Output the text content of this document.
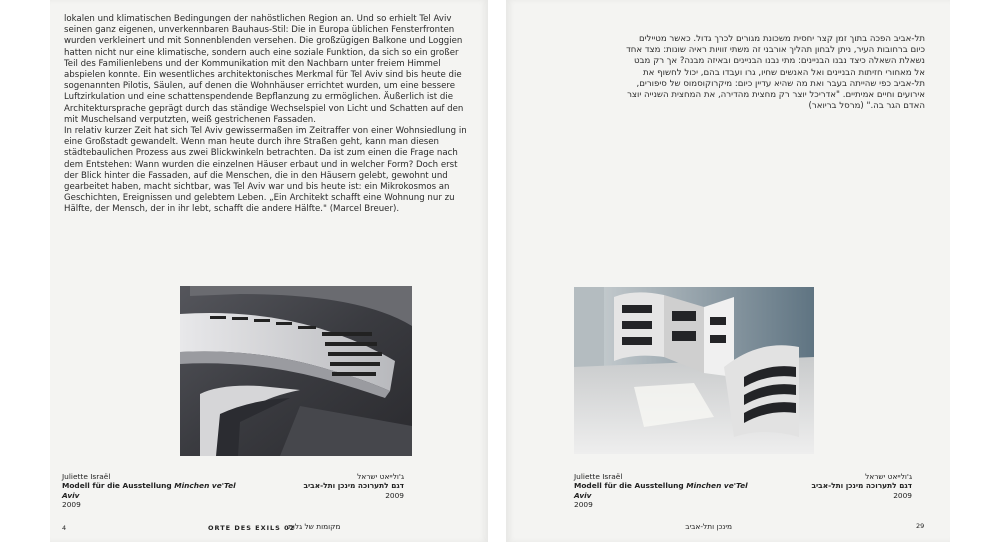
lokalen und klimatischen Bedingungen der nahöstlichen Region an. Und so erhielt Tel Aviv seinen ganz eigenen, unverkennbaren Bauhaus-Stil: Die in Europa üblichen Fensterfronten wurden verkleinert und mit Sonnenblenden versehen. Die großzügigen Balkone und Loggien hatten nicht nur eine klimatische, sondern auch eine soziale Funktion, da sich so ein großer Teil des Familienlebens und der Kommunikation mit den Nachbarn unter freiem Himmel abspielen konnte. Ein wesentliches architektonisches Merkmal für Tel Aviv sind bis heute die sogenannten Pilotis, Säulen, auf denen die Wohnhäuser errichtet wurden, um eine bessere Luftzirkulation und eine schattenspendende Bepflanzung zu ermöglichen. Äußerlich ist die Architektursprache geprägt durch das ständige Wechselspiel von Licht und Schatten auf den mit Muschelsand verputzten, weiß gestrichenen Fassaden.

In relativ kurzer Zeit hat sich Tel Aviv gewissermaßen im Zeitraffer von einer Wohnsiedlung in eine Großstadt gewandelt. Wenn man heute durch ihre Straßen geht, kann man diesen städtebaulichen Prozess aus zwei Blickwinkeln betrachten. Da ist zum einen die Frage nach dem Entstehen: Wann wurden die einzelnen Häuser erbaut und in welcher Form? Doch erst der Blick hinter die Fassaden, auf die Menschen, die in den Häusern gelebt, gewohnt und gearbeitet haben, macht sichtbar, was Tel Aviv war und bis heute ist: ein Mikrokosmos an Geschichten, Ereignissen und gelebtem Leben. „Ein Architekt schafft eine Wohnung nur zu Hälfte, der Mensch, der in ihr lebt, schafft die andere Hälfte." (Marcel Breuer).

Juliette Israël
Modell für die Ausstellung Minchen ve'Tel Aviv
2009
ג'ולייאט ישראל
דגם לתערוכה מינכן ותל-אביב
2009
4	ORTE DES EXILS 02
מקומות של גלות

תל-אביב הפכה בתוך זמן קצר יחסית משכונת מגורים לכרך גדול. כאשר מטיילים כיום ברחובות העיר, ניתן לבחון תהליך אורבני זה משתי זוויות ראיה שונות: מצד אחד נשאלת השאלה כיצד נבנו הבניינים: מתי נבנו הבניינים ובאיזה מבנה? אך רק מבט אל מאחורי חזיתות הבניינים ואל האנשים שחיו, גרו ועבדו בהם, יכול לחשוף את תל-אביב כפי שהייתה בעבר ואת מה שהיא עדיין כיום: מיקרוקוסמוס של סיפורים, אירועים וחיים אמיתיים. "אדריכל יוצר רק מחצית מהדירה, את המחצית השנייה יוצר האדם הגר בה." (מרסל בריואר)

Juliette Israël
Modell für die Ausstellung Minchen ve'Tel Aviv
2009
ג'ולייאט ישראל
דגם לתערוכה מינכן ותל-אביב
2009
מינכן ותל-אביב	29
